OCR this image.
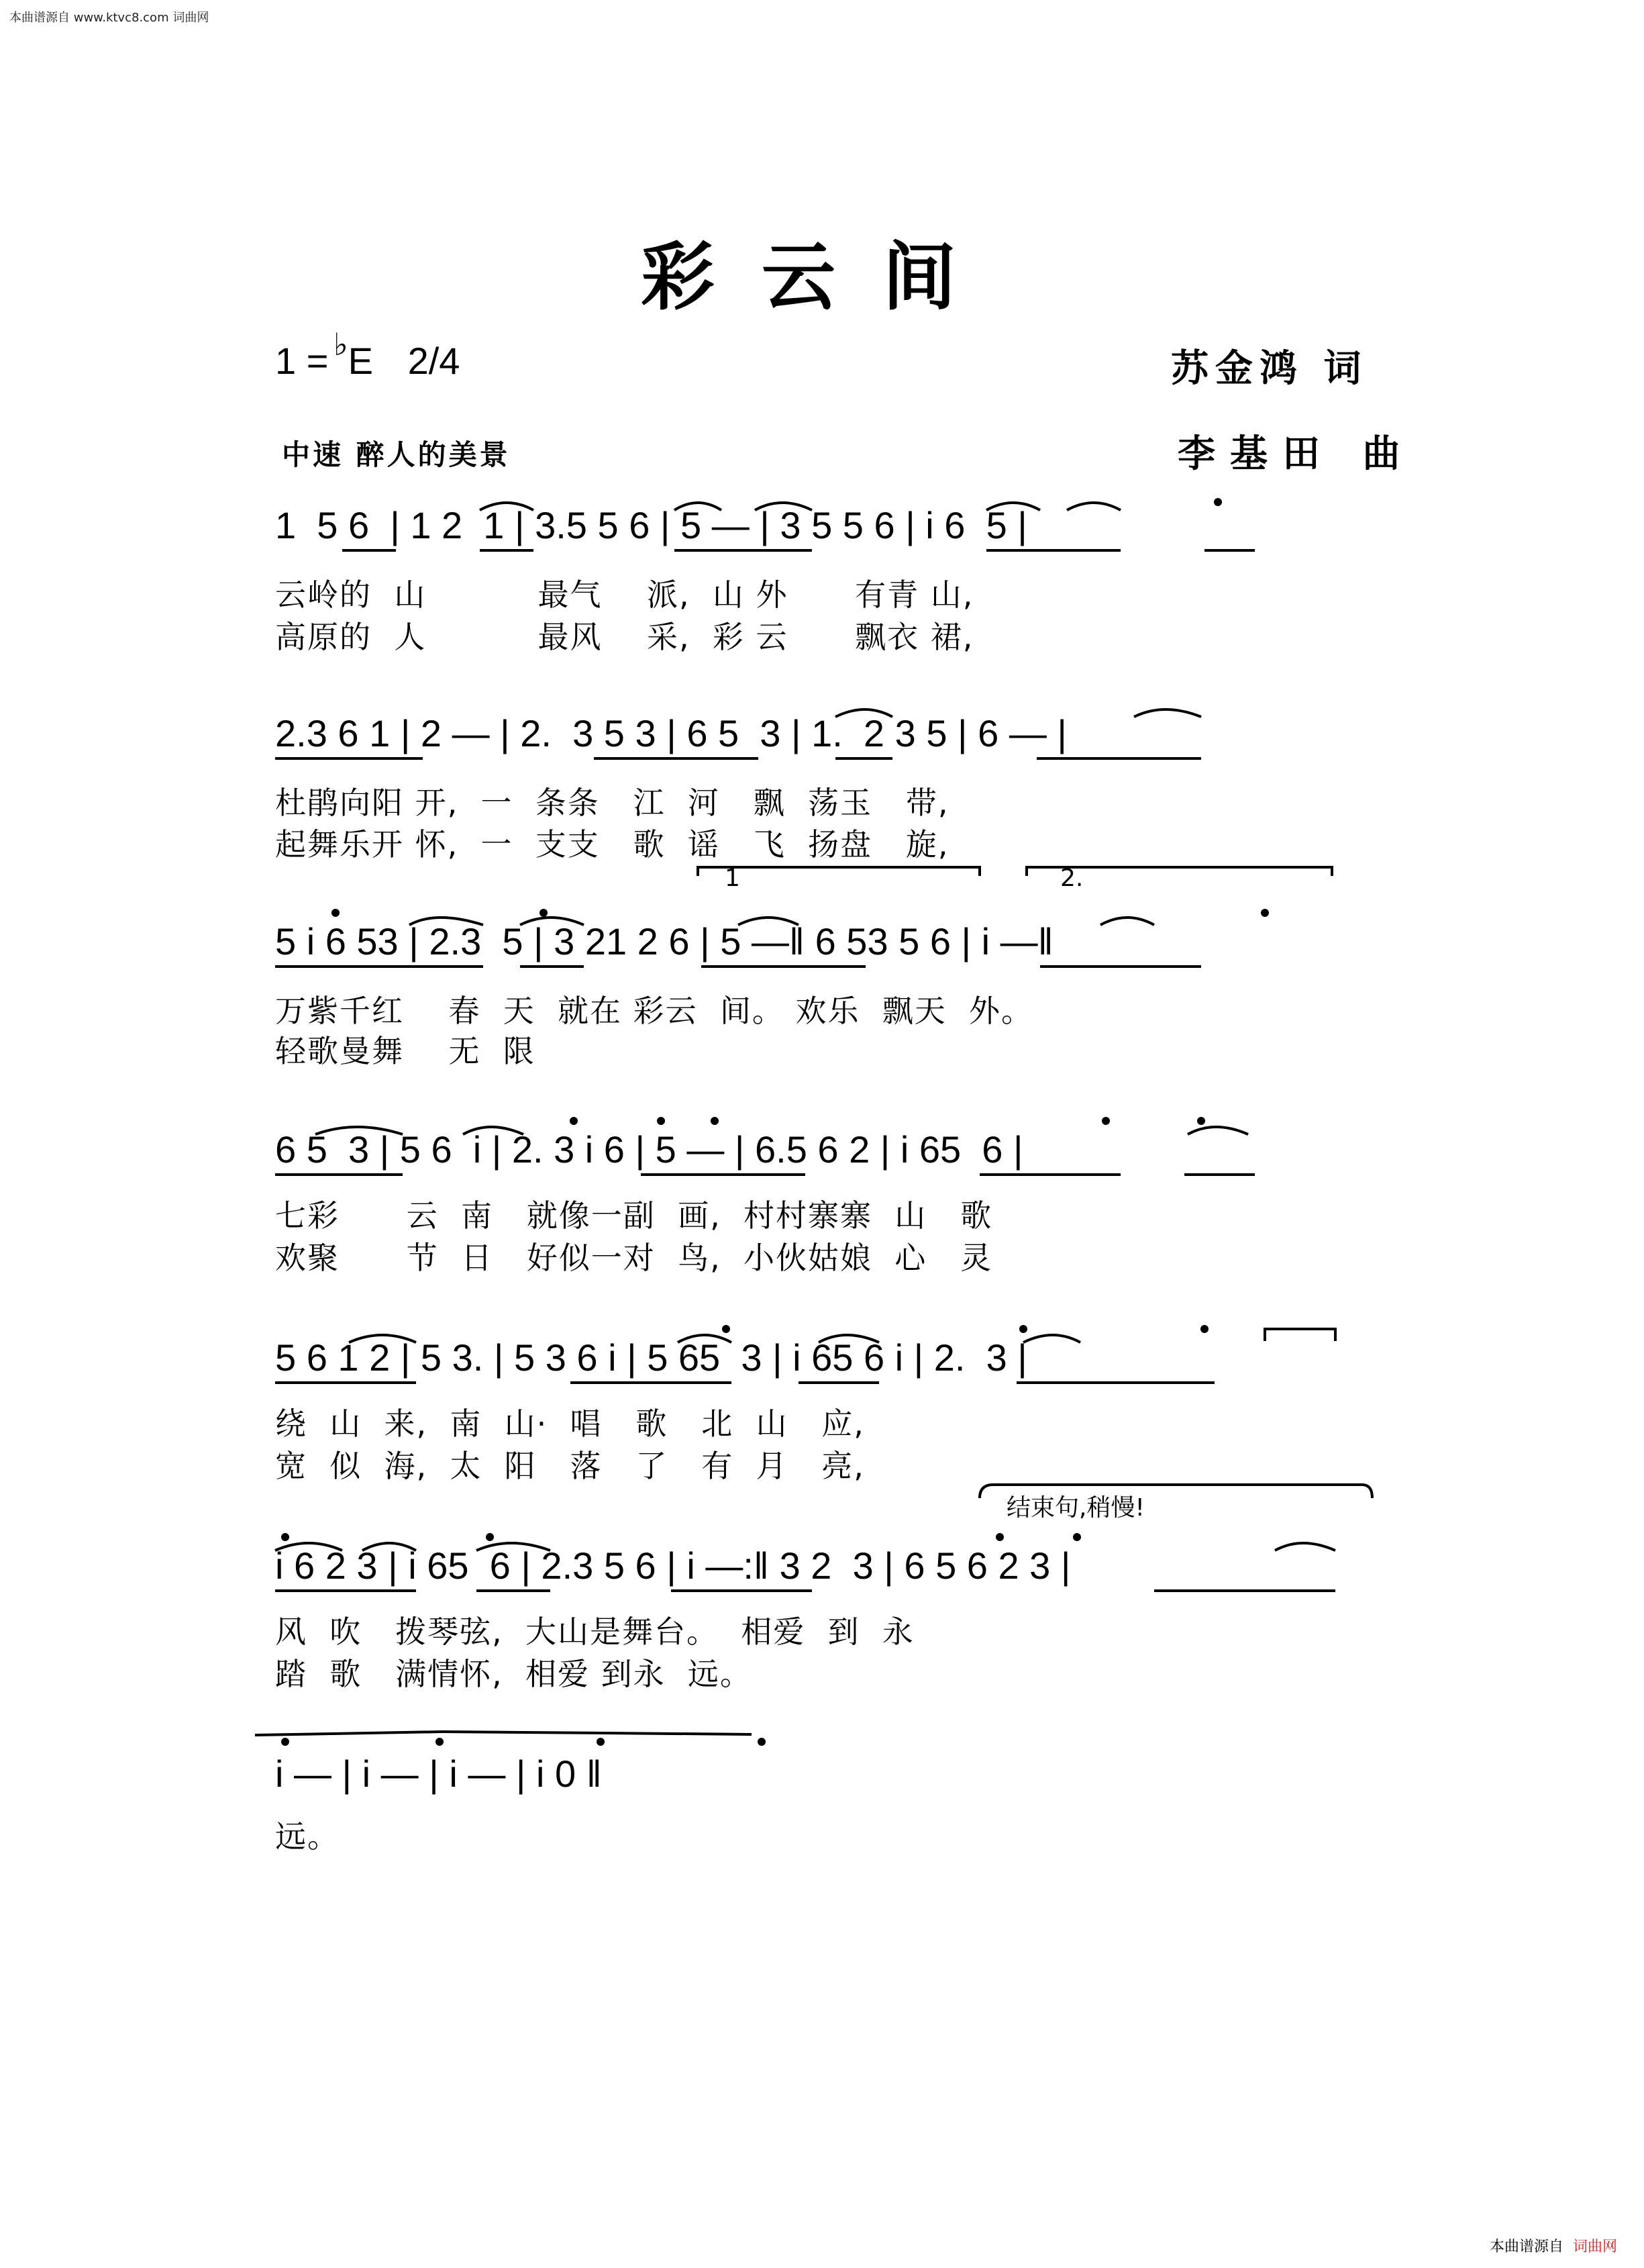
本曲谱源自 www.ktvc8.com 词曲网
本曲谱源自 词曲网
彩云间
1 = ♭E 2/4
中速 醉人的美景
苏金鸿 词
李基田 曲
1  5 6  | 1 2  1 | 3.5 5 6 | 5 — | 3 5 5 6 | i 6  5 |
云岭的  山          最气    派,  山 外      有青 山,
高原的  人          最风    采,  彩 云      飘衣 裙,
2.3 6 1 | 2 — | 2.  3 5 3 | 6 5  3 | 1.  2 3 5 | 6 — |
杜鹃向阳 开,  一  条条   江  河   飘  荡玉   带,
起舞乐开 怀,  一  支支   歌  谣   飞  扬盘   旋,
1	2.
5 i 6 53 | 2.3  5 | 3 21 2 6 | 5 —‖ 6 53 5 6 | i —‖
万紫千红    春  天  就在 彩云  间。 欢乐  飘天  外。
轻歌曼舞    无  限
6 5  3 | 5 6  i | 2. 3 i 6 | 5 — | 6.5 6 2 | i 65  6 |
七彩      云  南   就像一副  画,  村村寨寨  山   歌
欢聚      节  日   好似一对  鸟,  小伙姑娘  心   灵
5 6 1 2 | 5 3. | 5 3 6 i | 5 65  3 | i 65 6 i | 2.  3 |
绕  山  来,  南  山·  唱   歌   北  山   应,
宽  似  海,  太  阳   落   了   有  月   亮,
结束句,稍慢!
i 6 2 3 | i 65  6 | 2.3 5 6 | i —:‖ 3 2  3 | 6 5 6 2 3 |
风  吹   拨琴弦,  大山是舞台。  相爱  到  永
踏  歌   满情怀,  相爱 到永  远。
i — | i — | i — | i 0 ‖
远。
